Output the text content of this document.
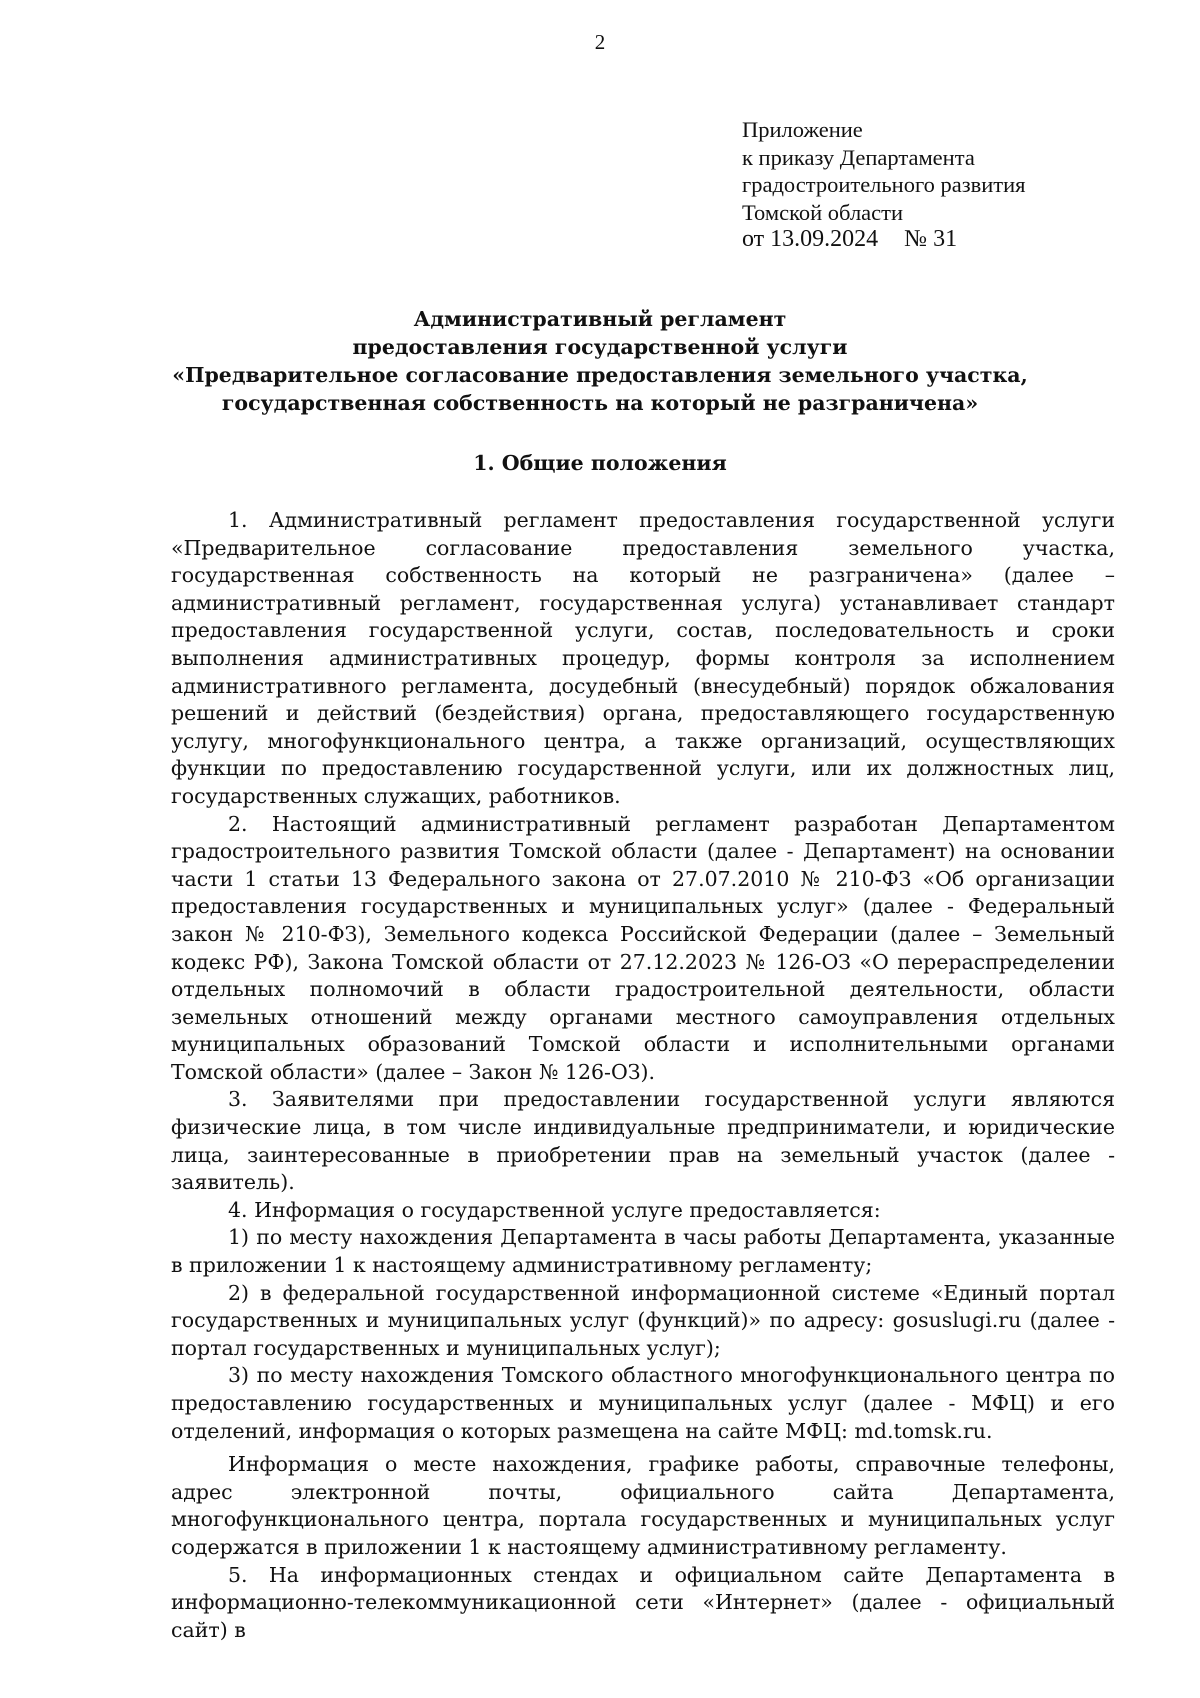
2
Приложение
к приказу Департамента
градостроительного развития
Томской области
от 13.09.2024 № 31
Административный регламент
предоставления государственной услуги
«Предварительное согласование предоставления земельного участка,
государственная собственность на который не разграничена»
1. Общие положения

1. Административный регламент предоставления государственной услуги «Предварительное согласование предоставления земельного участка, государственная собственность на который не разграничена» (далее – административный регламент, государственная услуга) устанавливает стандарт предоставления государственной услуги, состав, последовательность и сроки выполнения административных процедур, формы контроля за исполнением административного регламента, досудебный (внесудебный) порядок обжалования решений и действий (бездействия) органа, предоставляющего государственную услугу, многофункционального центра, а также организаций, осуществляющих функции по предоставлению государственной услуги, или их должностных лиц, государственных служащих, работников.

2. Настоящий административный регламент разработан Департаментом градостроительного развития Томской области (далее - Департамент) на основании части 1 статьи 13 Федерального закона от 27.07.2010 № 210-ФЗ «Об организации предоставления государственных и муниципальных услуг» (далее - Федеральный закон № 210-ФЗ), Земельного кодекса Российской Федерации (далее – Земельный кодекс РФ), Закона Томской области от 27.12.2023 № 126-ОЗ «О перераспределении отдельных полномочий в области градостроительной деятельности, области земельных отношений между органами местного самоуправления отдельных муниципальных образований Томской области и исполнительными органами Томской области» (далее – Закон № 126-ОЗ).

3. Заявителями при предоставлении государственной услуги являются физические лица, в том числе индивидуальные предприниматели, и юридические лица, заинтересованные в приобретении прав на земельный участок (далее - заявитель).

4. Информация о государственной услуге предоставляется:

1) по месту нахождения Департамента в часы работы Департамента, указанные в приложении 1 к настоящему административному регламенту;

2) в федеральной государственной информационной системе «Единый портал государственных и муниципальных услуг (функций)» по адресу: gosuslugi.ru (далее - портал государственных и муниципальных услуг);

3) по месту нахождения Томского областного многофункционального центра по предоставлению государственных и муниципальных услуг (далее - МФЦ) и его отделений, информация о которых размещена на сайте МФЦ: md.tomsk.ru.

Информация о месте нахождения, графике работы, справочные телефоны, адрес электронной почты, официального сайта Департамента, многофункционального центра, портала государственных и муниципальных услуг содержатся в приложении 1 к настоящему административному регламенту.

5. На информационных стендах и официальном сайте Департамента в информационно-телекоммуникационной сети «Интернет» (далее - официальный сайт) в
